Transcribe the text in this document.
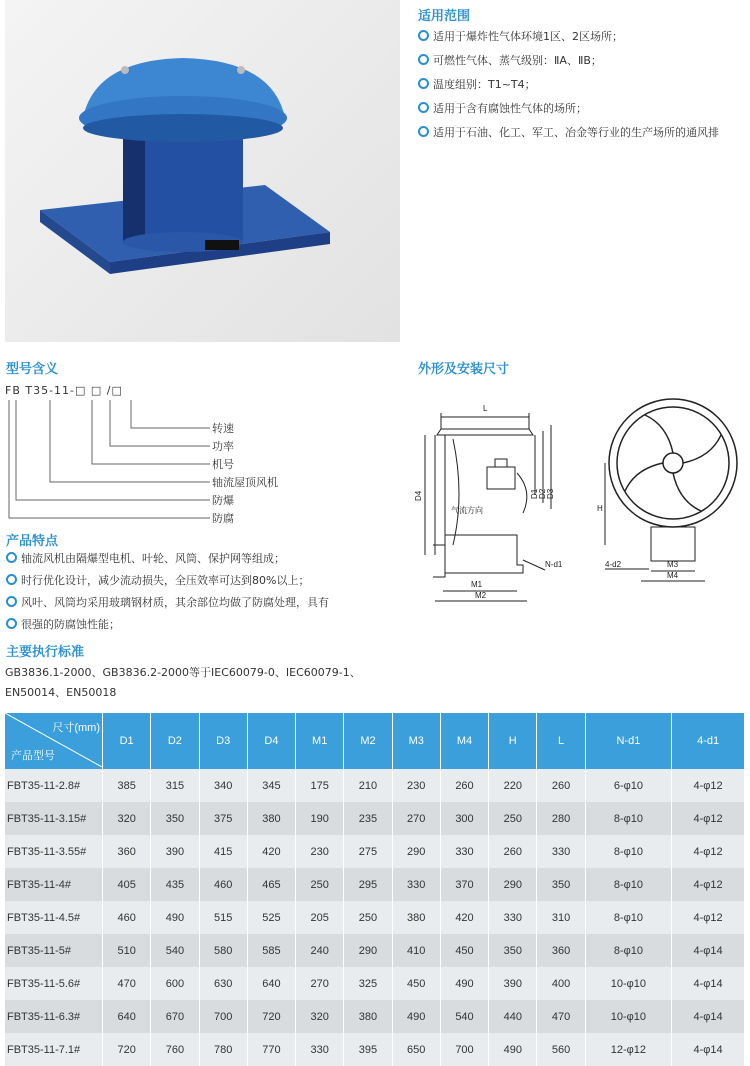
适用范围
适用于爆炸性气体环境1区、2区场所；
可燃性气体、蒸气级别：ⅡA、ⅡB；
温度组别：T1~T4；
适用于含有腐蚀性气体的场所；
适用于石油、化工、军工、冶金等行业的生产场所的通风排
型号含义
FB T35-11-□ □ /□
转速
功率
机号
轴流屋顶风机
防爆
防腐
外形及安装尺寸
L
D4	D1 D2 D3
气流方向
N-d1
M1
M2
H
4-d2	M3
M4
产品特点
轴流风机由隔爆型电机、叶轮、风筒、保护网等组成；
时行优化设计，减少流动损失，全压效率可达到80%以上；
风叶、风筒均采用玻璃钢材质，其余部位均做了防腐处理，具有
很强的防腐蚀性能；
主要执行标准
GB3836.1-2000、GB3836.2-2000等于IEC60079-0、IEC60079-1、EN50014、EN50018
尺寸(mm)
产品型号	D1	D2	D3	D4	M1	M2	M3	M4	H	L	N-d1	4-d1
FBT35-11-2.8#	385	315	340	345	175	210	230	260	220	260	6-φ10	4-φ12
FBT35-11-3.15#	320	350	375	380	190	235	270	300	250	280	8-φ10	4-φ12
FBT35-11-3.55#	360	390	415	420	230	275	290	330	260	330	8-φ10	4-φ12
FBT35-11-4#	405	435	460	465	250	295	330	370	290	350	8-φ10	4-φ12
FBT35-11-4.5#	460	490	515	525	205	250	380	420	330	310	8-φ10	4-φ12
FBT35-11-5#	510	540	580	585	240	290	410	450	350	360	8-φ10	4-φ14
FBT35-11-5.6#	470	600	630	640	270	325	450	490	390	400	10-φ10	4-φ14
FBT35-11-6.3#	640	670	700	720	320	380	490	540	440	470	10-φ10	4-φ14
FBT35-11-7.1#	720	760	780	770	330	395	650	700	490	560	12-φ12	4-φ14
